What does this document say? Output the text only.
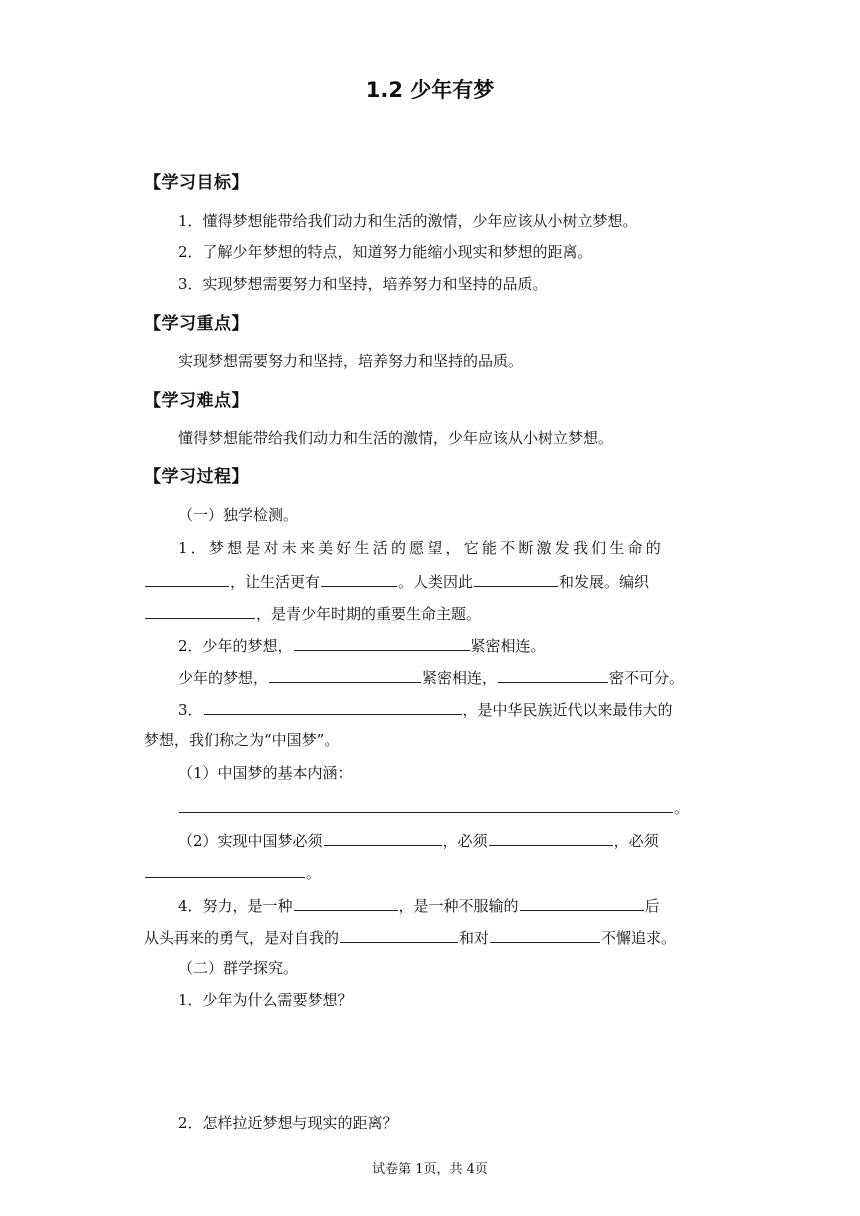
1.2 少年有梦
【学习目标】
1．懂得梦想能带给我们动力和生活的激情，少年应该从小树立梦想。
2．了解少年梦想的特点，知道努力能缩小现实和梦想的距离。
3．实现梦想需要努力和坚持，培养努力和坚持的品质。
【学习重点】
实现梦想需要努力和坚持，培养努力和坚持的品质。
【学习难点】
懂得梦想能带给我们动力和生活的激情，少年应该从小树立梦想。
【学习过程】
（一）独学检测。
1．梦想是对未来美好生活的愿望，它能不断激发我们生命的
，让生活更有	。人类因此	和发展。编织
，是青少年时期的重要生命主题。
2．少年的梦想，	紧密相连。
少年的梦想，	紧密相连，	密不可分。
3．	，是中华民族近代以来最伟大的
梦想，我们称之为“中国梦”。
（1）中国梦的基本内涵：
。
（2）实现中国梦必须	，必须	，必须
。
4．努力，是一种	，是一种不服输的	后
从头再来的勇气，是对自我的	和对	不懈追求。
（二）群学探究。
1．少年为什么需要梦想？
2．怎样拉近梦想与现实的距离？
试卷第 1页，共 4页
